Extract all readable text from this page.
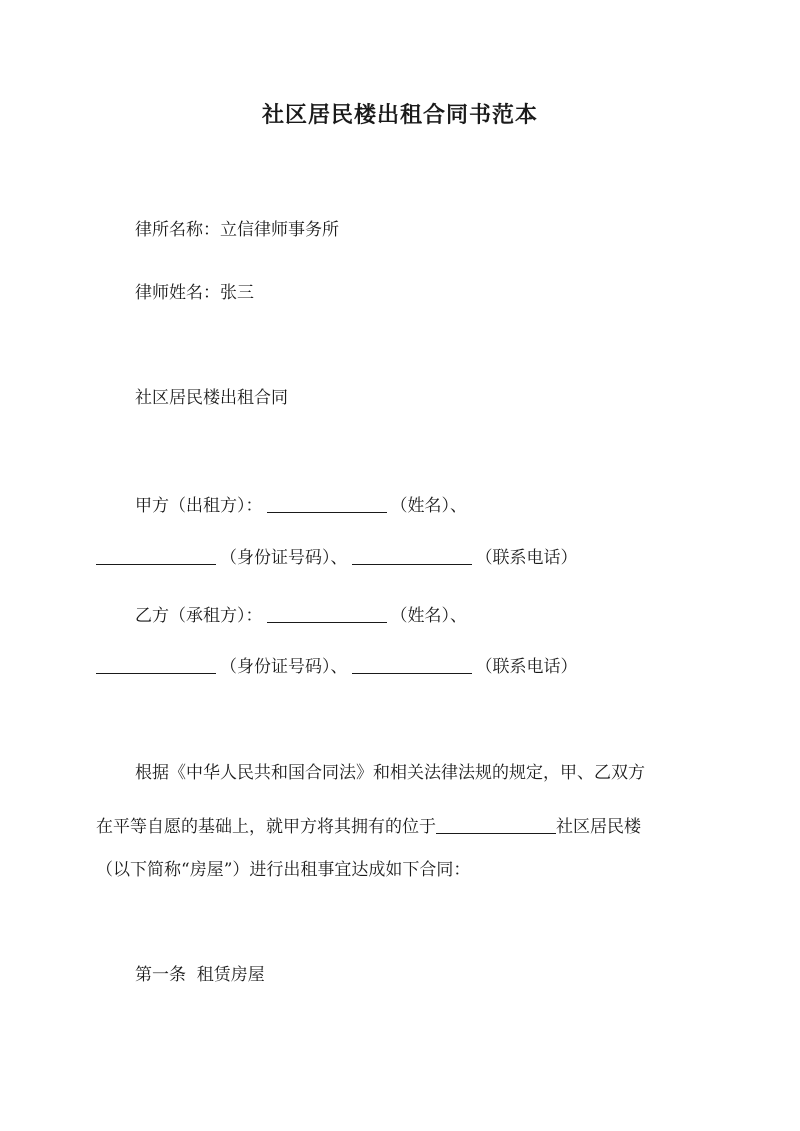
社区居民楼出租合同书范本
律所名称：立信律师事务所
律师姓名：张三
社区居民楼出租合同
甲方（出租方）：	（姓名）、
（身份证号码）、	（联系电话）
乙方（承租方）：	（姓名）、
（身份证号码）、	（联系电话）
根据《中华人民共和国合同法》和相关法律法规的规定，甲、乙双方
在平等自愿的基础上，就甲方将其拥有的位于	社区居民楼
（以下简称“房屋”）进行出租事宜达成如下合同：
第一条  租赁房屋
